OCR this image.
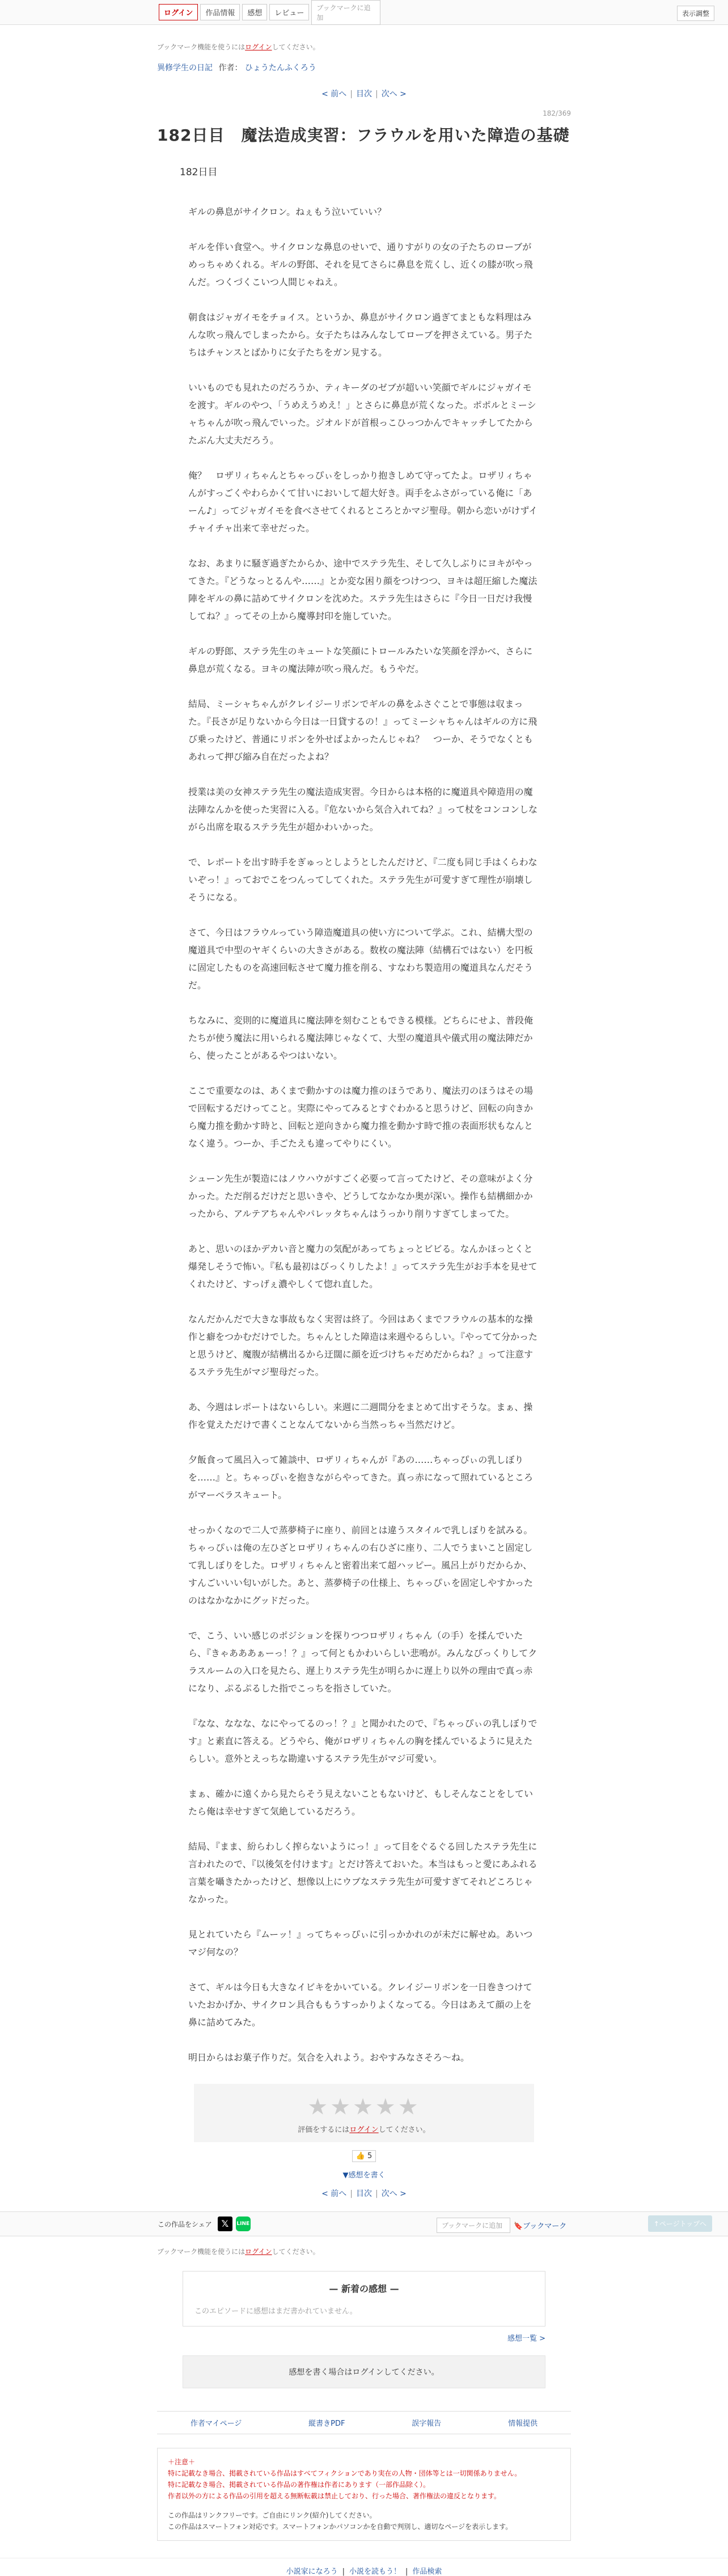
ログイン	作品情報	感想	レビュー
ブックマークに追加	表示調整
ブックマーク機能を使うにはログインしてください。
異修学生の日記 作者： ひょうたんふくろう
< 前へ | 目次 | 次へ >
182/369
182日目　魔法造成実習：フラウルを用いた障造の基礎
182日目

ギルの鼻息がサイクロン。ねぇもう泣いていい？

ギルを伴い食堂へ。サイクロンな鼻息のせいで、通りすがりの女の子たちのローブがめっちゃめくれる。ギルの野郎、それを見てさらに鼻息を荒くし、近くの膝が吹っ飛んだ。つくづくこいつ人間じゃねえ。

朝食はジャガイモをチョイス。というか、鼻息がサイクロン過ぎてまともな料理はみんな吹っ飛んでしまったから。女子たちはみんなしてローブを押さえている。男子たちはチャンスとばかりに女子たちをガン見する。

いいものでも見れたのだろうか、ティキーダのゼブが超いい笑顔でギルにジャガイモを渡す。ギルのやつ、「うめえうめえ！」とさらに鼻息が荒くなった。ポポルとミーシャちゃんが吹っ飛んでいった。ジオルドが首根っこひっつかんでキャッチしてたからたぶん大丈夫だろう。

俺？　ロザリィちゃんとちゃっぴぃをしっかり抱きしめて守ってたよ。ロザリィちゃんがすっごくやわらかくて甘いにおいして超大好き。両手をふさがっている俺に「あーん♪」ってジャガイモを食べさせてくれるところとかマジ聖母。朝から恋いがけずイチャイチャ出来て幸せだった。

なお、あまりに騒ぎ過ぎたからか、途中でステラ先生、そして久しぶりにヨキがやってきた。『どうなっとるんや……』とか変な困り顔をつけつつ、ヨキは超圧縮した魔法陣をギルの鼻に詰めてサイクロンを沈めた。ステラ先生はさらに『今日一日だけ我慢してね？』ってその上から魔導封印を施していた。

ギルの野郎、ステラ先生のキュートな笑顔にトロールみたいな笑顔を浮かべ、さらに鼻息が荒くなる。ヨキの魔法陣が吹っ飛んだ。もうやだ。

結局、ミーシャちゃんがクレイジーリボンでギルの鼻をふさぐことで事態は収まった。『長さが足りないから今日は一日貸するの！』ってミーシャちゃんはギルの方に飛び乗ったけど、普通にリボンを外せばよかったんじゃね？　つーか、そうでなくともあれって押び縮み自在だったよね？

授業は美の女神ステラ先生の魔法造成実習。今日からは本格的に魔道具や障造用の魔法陣なんかを使った実習に入る。『危ないから気合入れてね？』って杖をコンコンしながら出席を取るステラ先生が超かわいかった。

で、レポートを出す時手をぎゅっとしようとしたんだけど、『二度も同じ手はくらわないぞっ！』っておでこをつんってしてくれた。ステラ先生が可愛すぎて理性が崩壊しそうになる。

さて、今日はフラウルっていう障造魔道具の使い方について学ぶ。これ、結構大型の魔道具で中型のヤギくらいの大きさがある。数枚の魔法陣（結構石ではない）を円板に固定したものを高速回転させて魔力推を削る、すなわち製造用の魔道具なんだそうだ。

ちなみに、変則的に魔道具に魔法陣を刻むこともできる模様。どちらにせよ、普段俺たちが使う魔法に用いられる魔法陣じゃなくて、大型の魔道具や儀式用の魔法陣だから、使ったことがあるやつはいない。

ここで重要なのは、あくまで動かすのは魔力推のほうであり、魔法刃のほうはその場で回転するだけってこと。実際にやってみるとすぐわかると思うけど、回転の向きから魔力推を動かす時と、回転と逆向きから魔力推を動かす時で推の表面形状もなんとなく違う。つーか、手ごたえも違ってやりにくい。

シューン先生が製造にはノウハウがすごく必要って言ってたけど、その意味がよく分かった。ただ削るだけだと思いきや、どうしてなかなか奥が深い。操作も結構細かかったから、アルテアちゃんやパレッタちゃんはうっかり削りすぎてしまってた。

あと、思いのほかデカい音と魔力の気配があってちょっとビビる。なんかほっとくと爆発しそうで怖い。『私も最初はびっくりしたよ！』ってステラ先生がお手本を見せてくれたけど、すっげぇ濃やしくて惚れ直した。

なんだかんだで大きな事故もなく実習は終了。今回はあくまでフラウルの基本的な操作と癖をつかむだけでした。ちゃんとした障造は来週やるらしい。『やってて分かったと思うけど、魔腹が結構出るから迂闊に顔を近づけちゃだめだからね？』って注意するステラ先生がマジ聖母だった。

あ、今週はレポートはないらしい。来週に二週間分をまとめて出すそうな。まぁ、操作を覚えただけで書くことなんてないから当然っちゃ当然だけど。

夕飯食って風呂入って雑談中、ロザリィちゃんが『あの……ちゃっぴぃの乳しぼりを……』と。ちゃっぴぃを抱きながらやってきた。真っ赤になって照れているところがマーベラスキュート。

せっかくなので二人で蒸夢椅子に座り、前回とは違うスタイルで乳しぼりを試みる。ちゃっぴぃは俺の左ひざとロザリィちゃんの右ひざに座り、二人でうまいこと固定して乳しぼりをした。ロザリィちゃんと密着出来て超ハッピー。風呂上がりだからか、すんごいいい匂いがした。あと、蒸夢椅子の仕様上、ちゃっぴぃを固定しやすかったのはなかなかにグッドだった。

で、こう、いい感じのポジションを探りつつロザリィちゃん（の手）を揉んでいたら、『きゃあああぁーっ！？』って何ともかわいらしい悲鳴が。みんなびっくりしてクラスルームの入口を見たら、遅上りステラ先生が明らかに遅上り以外の理由で真っ赤になり、ぷるぷるした指でこっちを指さしていた。

『なな、ななな、なにやってるのっ！？』と聞かれたので、『ちゃっぴぃの乳しぼりです』と素直に答える。どうやら、俺がロザリィちゃんの胸を揉んでいるように見えたらしい。意外とえっちな勘違いするステラ先生がマジ可愛い。

まぁ、確かに遠くから見たらそう見えないこともないけど、もしそんなことをしていたら俺は幸せすぎて気絶しているだろう。

結局、『まま、紛らわしく搾らないようにっ！』って目をぐるぐる回したステラ先生に言われたので、『以後気を付けます』とだけ答えておいた。本当はもっと愛にあふれる言葉を囁きたかったけど、想像以上にウブなステラ先生が可愛すぎてそれどころじゃなかった。

見とれていたら『ムーッ！』ってちゃっぴぃに引っかかれのが未だに解せぬ。あいつマジ何なの？

さて、ギルは今日も大きなイビキをかいている。クレイジーリボンを一日巻きつけていたおかげか、サイクロン具合ももうすっかりよくなってる。今日はあえて顔の上を鼻に詰めてみた。

明日からはお菓子作りだ。気合を入れよう。おやすみなさそろ〜ね。

★★★★★
評価をするにはログインしてください。
👍 5
▼感想を書く
< 前へ | 目次 | 次へ >
この作品をシェア	𝕏	LINE	ブックマークに追加	🔖ブックマーク	↑ページトップへ
ブックマーク機能を使うにはログインしてください。
— 新着の感想 —
このエピソードに感想はまだ書かれていません。
感想一覧 >
感想を書く場合はログインしてください。
作者マイページ	縦書きPDF	誤字報告	情報提供
＋注意＋
特に記載なき場合、掲載されている作品はすべてフィクションであり実在の人物・団体等とは一切関係ありません。
特に記載なき場合、掲載されている作品の著作権は作者にあります（一部作品除く）。
作者以外の方による作品の引用を超える無断転載は禁止しており、行った場合、著作権法の違反となります。
この作品はリンクフリーです。ご自由にリンク(紹介)してください。
この作品はスマートフォン対応です。スマートフォンかパソコンかを自動で判別し、適切なページを表示します。
小説家になろう | 小説を読もう！ | 作品検索
